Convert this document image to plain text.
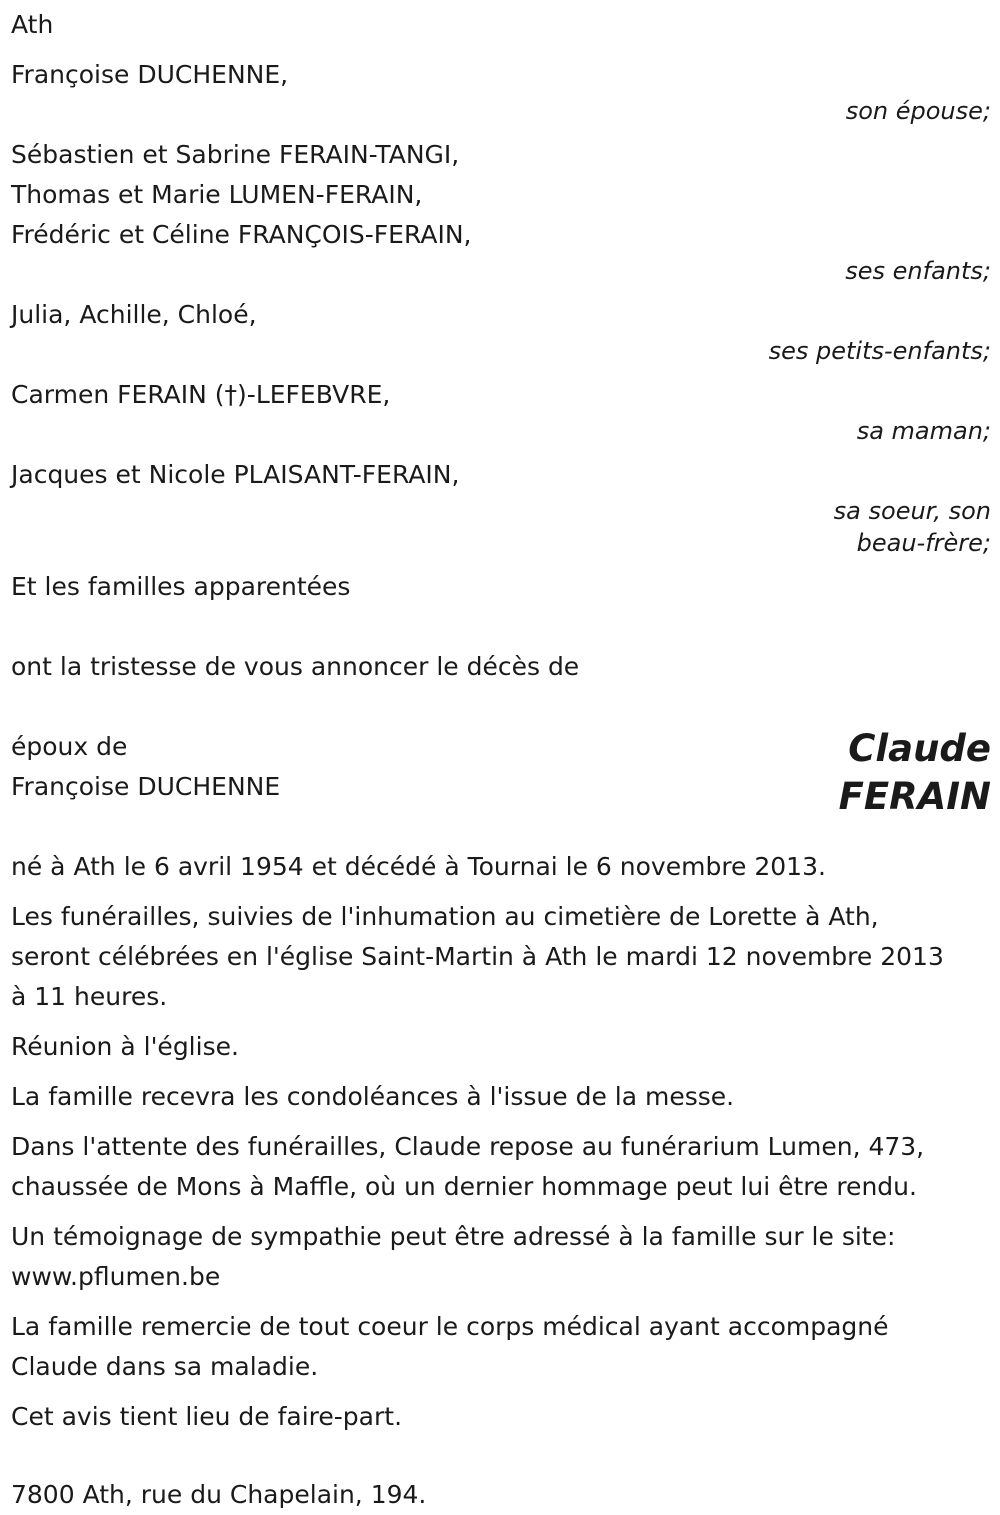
Ath
Françoise DUCHENNE,
son épouse;
Sébastien et Sabrine FERAIN-TANGI,
Thomas et Marie LUMEN-FERAIN,
Frédéric et Céline FRANÇOIS-FERAIN,
ses enfants;
Julia, Achille, Chloé,
ses petits-enfants;
Carmen FERAIN (†)-LEFEBVRE,
sa maman;
Jacques et Nicole PLAISANT-FERAIN,
sa soeur, son
beau-frère;
Et les familles apparentées
ont la tristesse de vous annoncer le décès de
époux de
Françoise DUCHENNE
Claude
FERAIN
né à Ath le 6 avril 1954 et décédé à Tournai le 6 novembre 2013.
Les funérailles, suivies de l'inhumation au cimetière de Lorette à Ath,
seront célébrées en l'église Saint-Martin à Ath le mardi 12 novembre 2013
à 11 heures.
Réunion à l'église.
La famille recevra les condoléances à l'issue de la messe.
Dans l'attente des funérailles, Claude repose au funérarium Lumen, 473,
chaussée de Mons à Maffle, où un dernier hommage peut lui être rendu.
Un témoignage de sympathie peut être adressé à la famille sur le site:
www.pflumen.be
La famille remercie de tout coeur le corps médical ayant accompagné
Claude dans sa maladie.
Cet avis tient lieu de faire-part.
7800 Ath, rue du Chapelain, 194.
